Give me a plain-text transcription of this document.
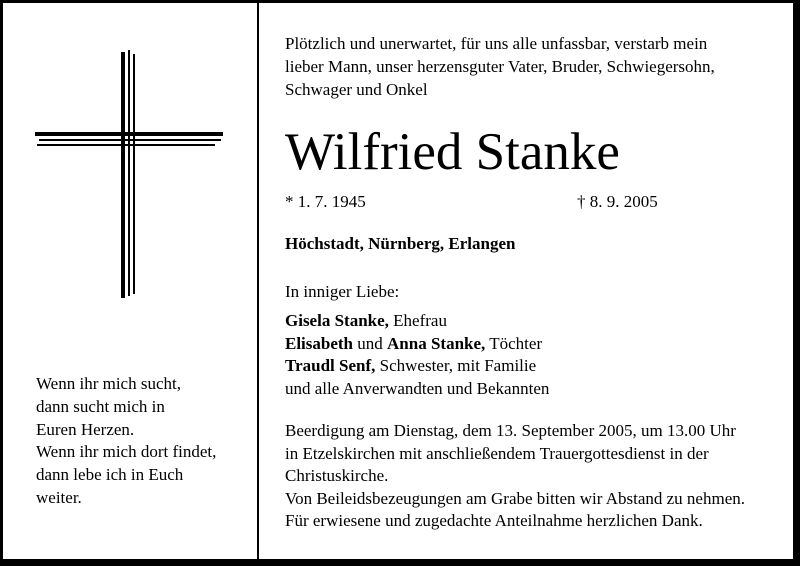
Wenn ihr mich sucht,
dann sucht mich in
Euren Herzen.
Wenn ihr mich dort findet,
dann lebe ich in Euch
weiter.
Plötzlich und unerwartet, für uns alle unfassbar, verstarb mein
lieber Mann, unser herzensguter Vater, Bruder, Schwiegersohn,
Schwager und Onkel
Wilfried Stanke
* 1. 7. 1945	† 8. 9. 2005
Höchstadt, Nürnberg, Erlangen
In inniger Liebe:
Gisela Stanke, Ehefrau
Elisabeth und Anna Stanke, Töchter
Traudl Senf, Schwester, mit Familie
und alle Anverwandten und Bekannten
Beerdigung am Dienstag, dem 13. September 2005, um 13.00 Uhr
in Etzelskirchen mit anschließendem Trauergottesdienst in der
Christuskirche.
Von Beileidsbezeugungen am Grabe bitten wir Abstand zu nehmen.
Für erwiesene und zugedachte Anteilnahme herzlichen Dank.
